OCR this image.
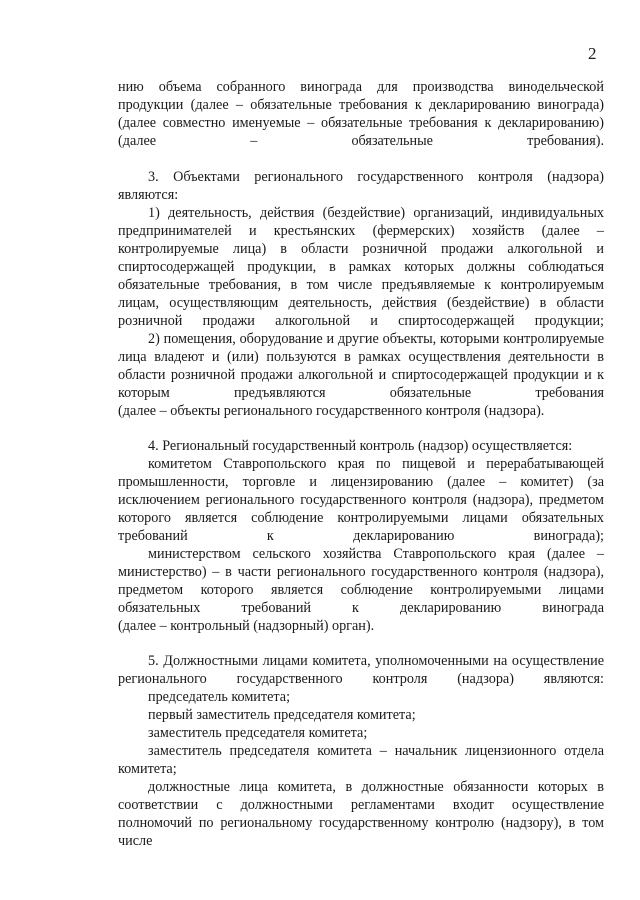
2

нию объема собранного винограда для производства винодельческой продукции (далее – обязательные требования к декларированию винограда) (далее совместно именуемые – обязательные требования к декларированию) (далее – обязательные требования).

3. Объектами регионального государственного контроля (надзора) являются:

1) деятельность, действия (бездействие) организаций, индивидуальных предпринимателей и крестьянских (фермерских) хозяйств (далее – контролируемые лица) в области розничной продажи алкогольной и спиртосодержащей продукции, в рамках которых должны соблюдаться обязательные требования, в том числе предъявляемые к контролируемым лицам, осуществляющим деятельность, действия (бездействие) в области розничной продажи алкогольной и спиртосодержащей продукции;

2) помещения, оборудование и другие объекты, которыми контролируемые лица владеют и (или) пользуются в рамках осуществления деятельности в области розничной продажи алкогольной и спиртосодержащей продукции и к которым предъявляются обязательные требования

(далее – объекты регионального государственного контроля (надзора).

4. Региональный государственный контроль (надзор) осуществляется:

комитетом Ставропольского края по пищевой и перерабатывающей промышленности, торговле и лицензированию (далее – комитет) (за исключением регионального государственного контроля (надзора), предметом которого является соблюдение контролируемыми лицами обязательных требований к декларированию винограда);

министерством сельского хозяйства Ставропольского края (далее – министерство) – в части регионального государственного контроля (надзора), предметом которого является соблюдение контролируемыми лицами обязательных требований к декларированию винограда

(далее – контрольный (надзорный) орган).

5. Должностными лицами комитета, уполномоченными на осуществление регионального государственного контроля (надзора) являются:

председатель комитета;

первый заместитель председателя комитета;

заместитель председателя комитета;

заместитель председателя комитета – начальник лицензионного отдела комитета;

должностные лица комитета, в должностные обязанности которых в соответствии с должностными регламентами входит осуществление полномочий по региональному государственному контролю (надзору), в том числе
